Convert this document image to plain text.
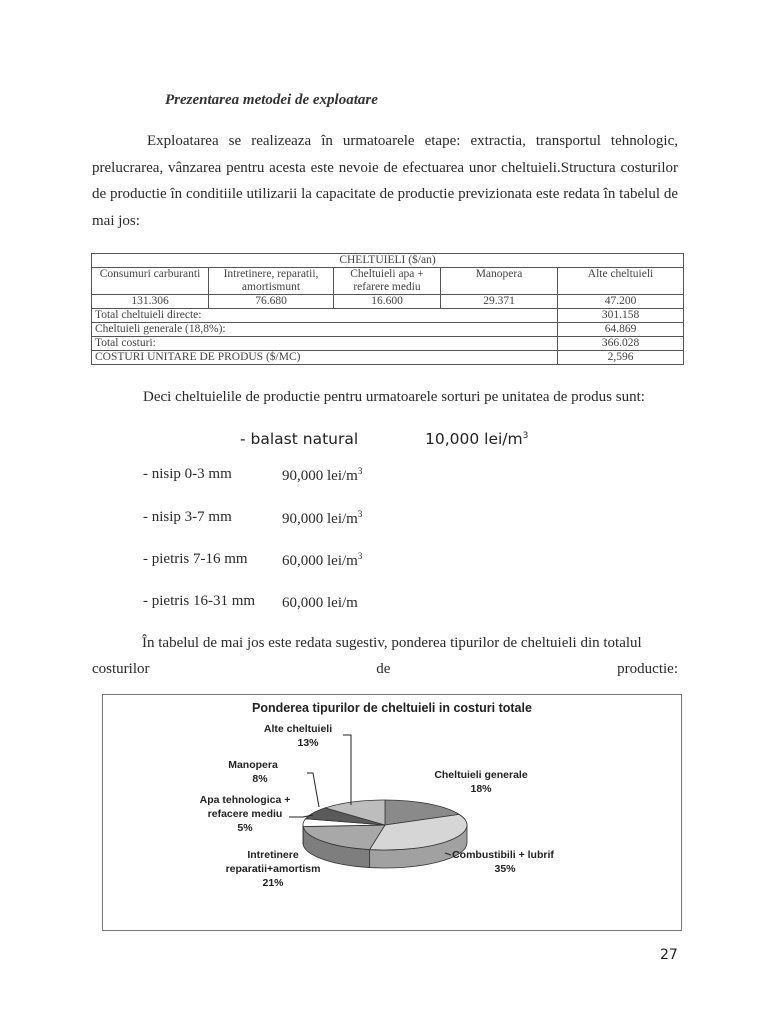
Prezentarea metodei de exploatare
Exploatarea se realizeaza în urmatoarele etape: extractia, transportul tehnologic, prelucrarea, vânzarea pentru acesta este nevoie de efectuarea unor cheltuieli.Structura costurilor de productie în conditiile utilizarii la capacitate de productie previzionata este redata în tabelul de mai jos:
CHELTUIELI ($/an)				
Consumuri carburanti	Intretinere, reparatii, amortismunt	Cheltuieli apa + refarere mediu	Manopera	Alte cheltuieli
131.306	76.680	16.600	29.371	47.200
Total cheltuieli directe:				301.158
Cheltuieli generale (18,8%):				64.869
Total costuri:				366.028
COSTURI UNITARE DE PRODUS ($/MC)				2,596
Deci cheltuielile de productie pentru urmatoarele sorturi pe unitatea de produs sunt:
- balast natural	10,000 lei/$m^3$
- nisip 0-3 mm	90,000 lei/$m^3$
- nisip 3-7 mm	90,000 lei/$m^3$
- pietris 7-16 mm 60,000 lei/$m^3$
- pietris 16-31 mm 60,000 lei/m
În tabelul de mai jos este redata sugestiv, ponderea tipurilor de cheltuieli din totalul
costurilor	de	productie:
Ponderea tipurilor de cheltuieli in costuri totale
Alte cheltuieli
13%
Manopera
8%
Apa tehnologica +
refacere mediu
5%
Intretinere
reparatii+amortism
21%
Cheltuieli generale
18%
Combustibili + lubrif
35%
27
